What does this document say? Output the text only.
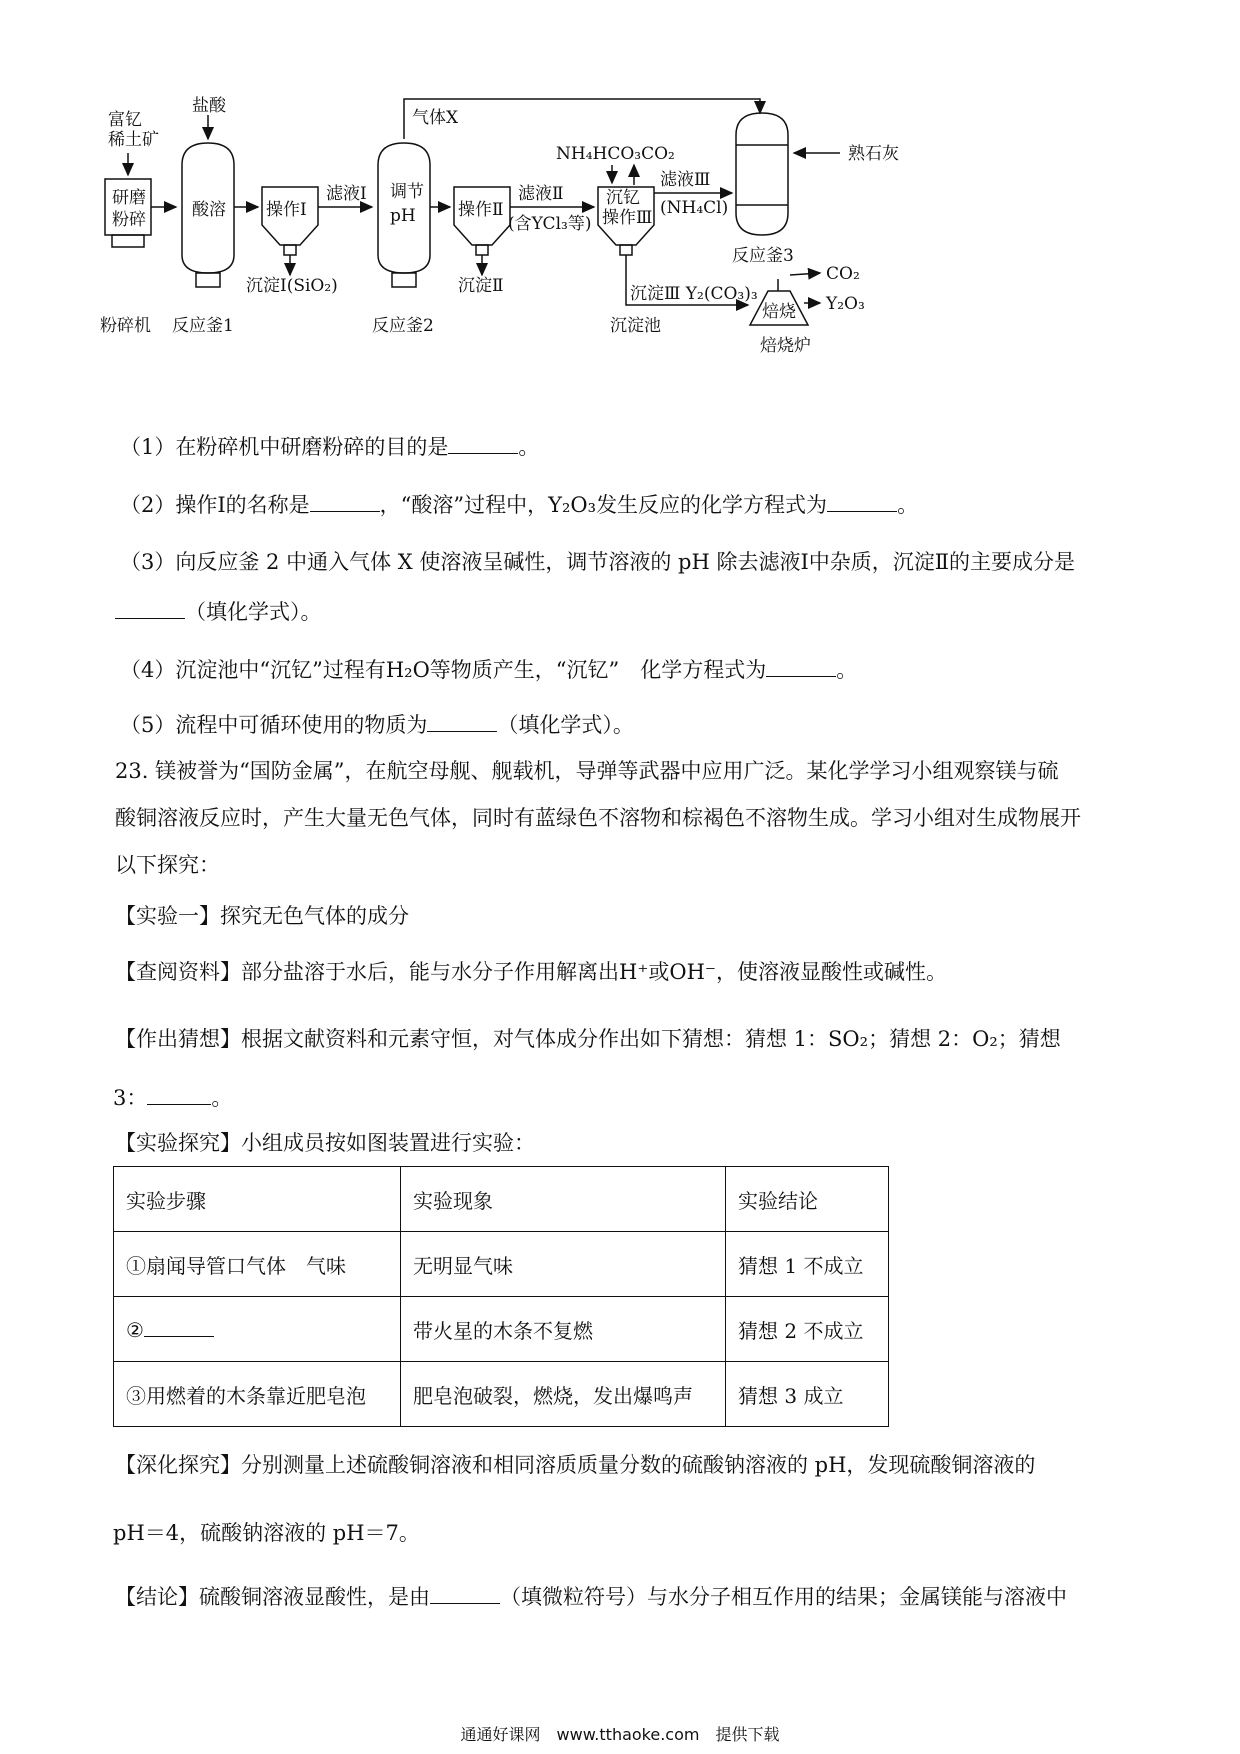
富钇
稀土矿
研磨
粉碎
盐酸
酸溶 操作Ⅰ
滤液Ⅰ 调节
pH
气体X
操作Ⅱ
滤液Ⅱ
(含YCl₃等)
NH₄HCO₃CO₂
沉钇
操作Ⅲ
滤液Ⅲ
(NH₄Cl)
熟石灰
反应釜3
沉淀Ⅰ(SiO₂)	沉淀Ⅱ	沉淀Ⅲ Y₂(CO₃)₃
焙烧
CO₂
Y₂O₃
粉碎机 反应釜1	反应釜2	沉淀池
焙烧炉
（1）在粉碎机中研磨粉碎的目的是	。
（2）操作Ⅰ的名称是	，“酸溶”过程中，Y₂O₃发生反应的化学方程式为	。
（3）向反应釜 2 中通入气体 X 使溶液呈碱性，调节溶液的 pH 除去滤液Ⅰ中杂质，沉淀Ⅱ的主要成分是
（填化学式）。
（4）沉淀池中“沉钇”过程有H₂O等物质产生，“沉钇”　化学方程式为	。
（5）流程中可循环使用的物质为	（填化学式）。
23. 镁被誉为“国防金属”，在航空母舰、舰载机，导弹等武器中应用广泛。某化学学习小组观察镁与硫
酸铜溶液反应时，产生大量无色气体，同时有蓝绿色不溶物和棕褐色不溶物生成。学习小组对生成物展开
以下探究：
【实验一】探究无色气体的成分
【查阅资料】部分盐溶于水后，能与水分子作用解离出H⁺或OH⁻，使溶液显酸性或碱性。
【作出猜想】根据文献资料和元素守恒，对气体成分作出如下猜想：猜想 1：SO₂；猜想 2：O₂；猜想
3：	。
【实验探究】小组成员按如图装置进行实验：
实验步骤	实验现象	实验结论
①扇闻导管口气体　气味	无明显气味	猜想 1 不成立
②	带火星的木条不复燃	猜想 2 不成立
③用燃着的木条靠近肥皂泡	肥皂泡破裂，燃烧，发出爆鸣声	猜想 3 成立
【深化探究】分别测量上述硫酸铜溶液和相同溶质质量分数的硫酸钠溶液的 pH，发现硫酸铜溶液的
pH＝4，硫酸钠溶液的 pH＝7。
【结论】硫酸铜溶液显酸性，是由	（填微粒符号）与水分子相互作用的结果；金属镁能与溶液中
通通好课网　www.tthaoke.com　提供下载
